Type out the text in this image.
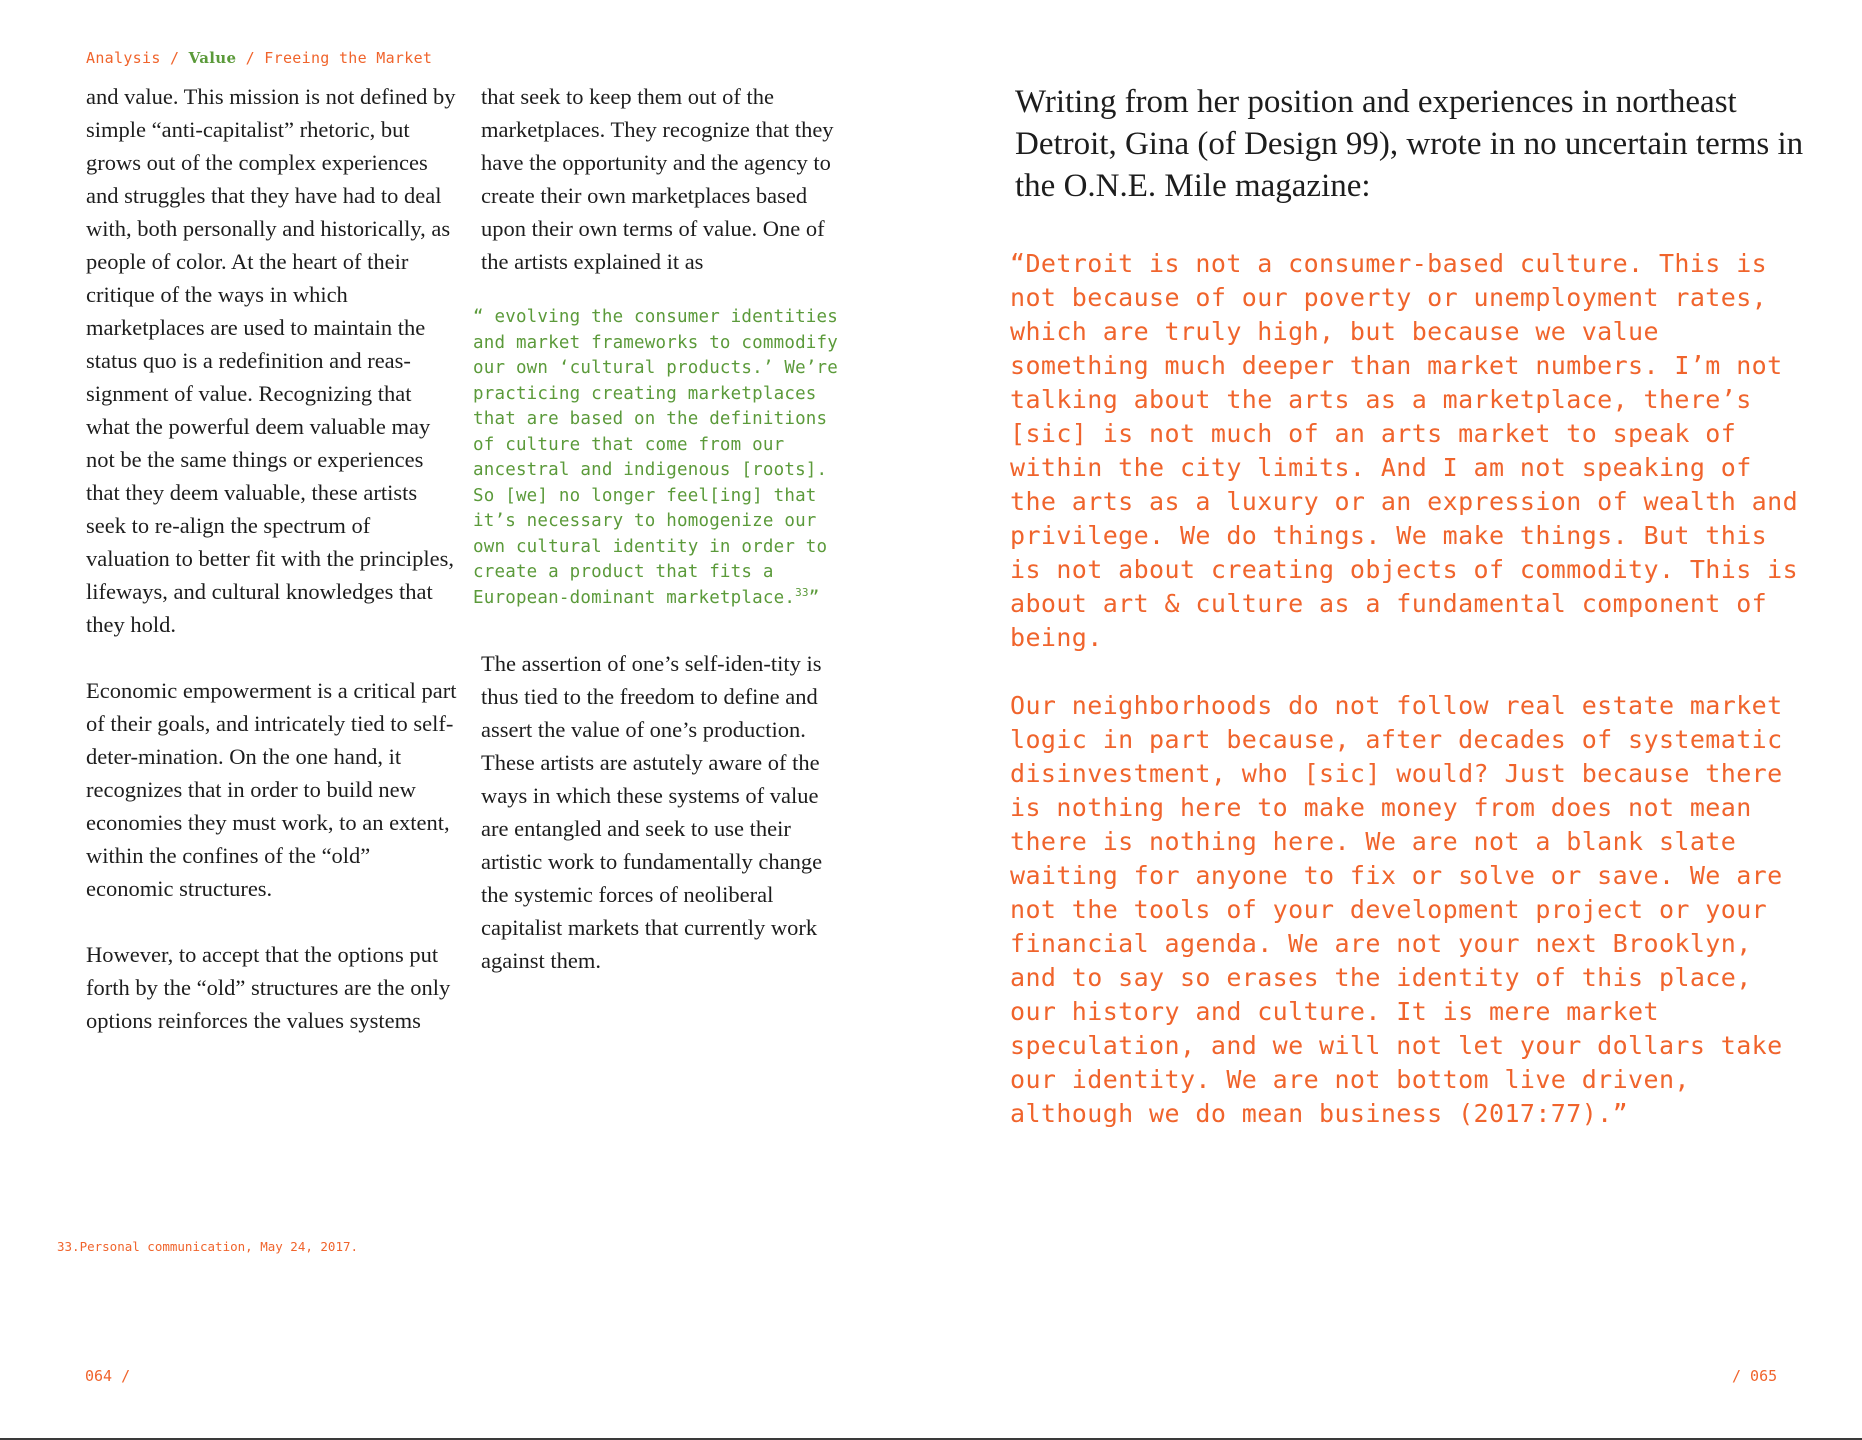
Analysis / Value / Freeing the Market

and value. This mission is not defined by simple “anti-capitalist” rhetoric, but grows out of the complex experiences and struggles that they have had to deal with, both personally and historically, as people of color. At the heart of their critique of the ways in which marketplaces are used to maintain the status quo is a redefinition and reas-signment of value. Recognizing that what the powerful deem valuable may not be the same things or experiences that they deem valuable, these artists seek to re-align the spectrum of valuation to better fit with the principles, lifeways, and cultural knowledges that they hold.

Economic empowerment is a critical part of their goals, and intricately tied to self-deter-mination. On the one hand, it recognizes that in order to build new economies they must work, to an extent, within the confines of the “old” economic structures.

However, to accept that the options put forth by the “old” structures are the only options reinforces the values systems

that seek to keep them out of the marketplaces. They recognize that they have the opportunity and the agency to create their own marketplaces based upon their own terms of value. One of the artists explained it as

“ evolving the consumer identities and market frameworks to commodify our own ‘cultural products.’ We’re practicing creating marketplaces that are based on the definitions of culture that come from our ancestral and indigenous [roots]. So [we] no longer feel[ing] that it’s necessary to homogenize our own cultural identity in order to create a product that fits a European-dominant marketplace.$^{33}$”

The assertion of one’s self-iden-tity is thus tied to the freedom to define and assert the value of one’s production. These artists are astutely aware of the ways in which these systems of value are entangled and seek to use their artistic work to fundamentally change the systemic forces of neoliberal capitalist markets that currently work against them.

Writing from her position and experiences in northeast Detroit, Gina (of Design 99), wrote in no uncertain terms in the O.N.E. Mile magazine:

“Detroit is not a consumer-based culture. This is not because of our poverty or unemployment rates, which are truly high, but because we value something much deeper than market numbers. I’m not talking about the arts as a marketplace, there’s [sic] is not much of an arts market to speak of within the city limits. And I am not speaking of the arts as a luxury or an expression of wealth and privilege. We do things. We make things. But this is not about creating objects of commodity. This is about art & culture as a fundamental component of being.

Our neighborhoods do not follow real estate market logic in part because, after decades of systematic disinvestment, who [sic] would? Just because there is nothing here to make money from does not mean there is nothing here. We are not a blank slate waiting for anyone to fix or solve or save. We are not the tools of your development project or your financial agenda. We are not your next Brooklyn, and to say so erases the identity of this place, our history and culture. It is mere market speculation, and we will not let your dollars take our identity. We are not bottom live driven, although we do mean business (2017:77).”

33.Personal communication, May 24, 2017.
064 /	/ 065
